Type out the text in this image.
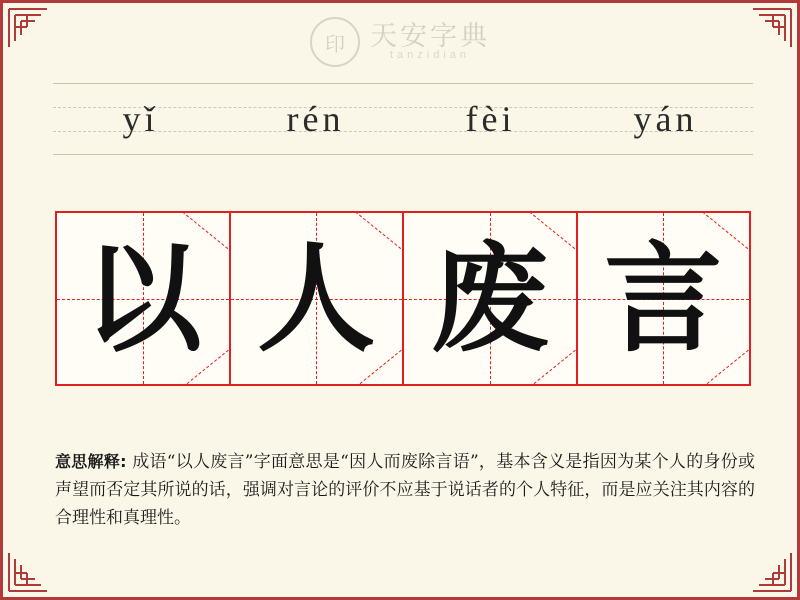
印 天安字典
tanzidian
yǐ	rén	fèi	yán
以 人 废 言
意思解释: 成语“以人废言”字面意思是“因人而废除言语”，基本含义是指因为某个人的身份或声望而否定其所说的话，强调对言论的评价不应基于说话者的个人特征，而是应关注其内容的合理性和真理性。
